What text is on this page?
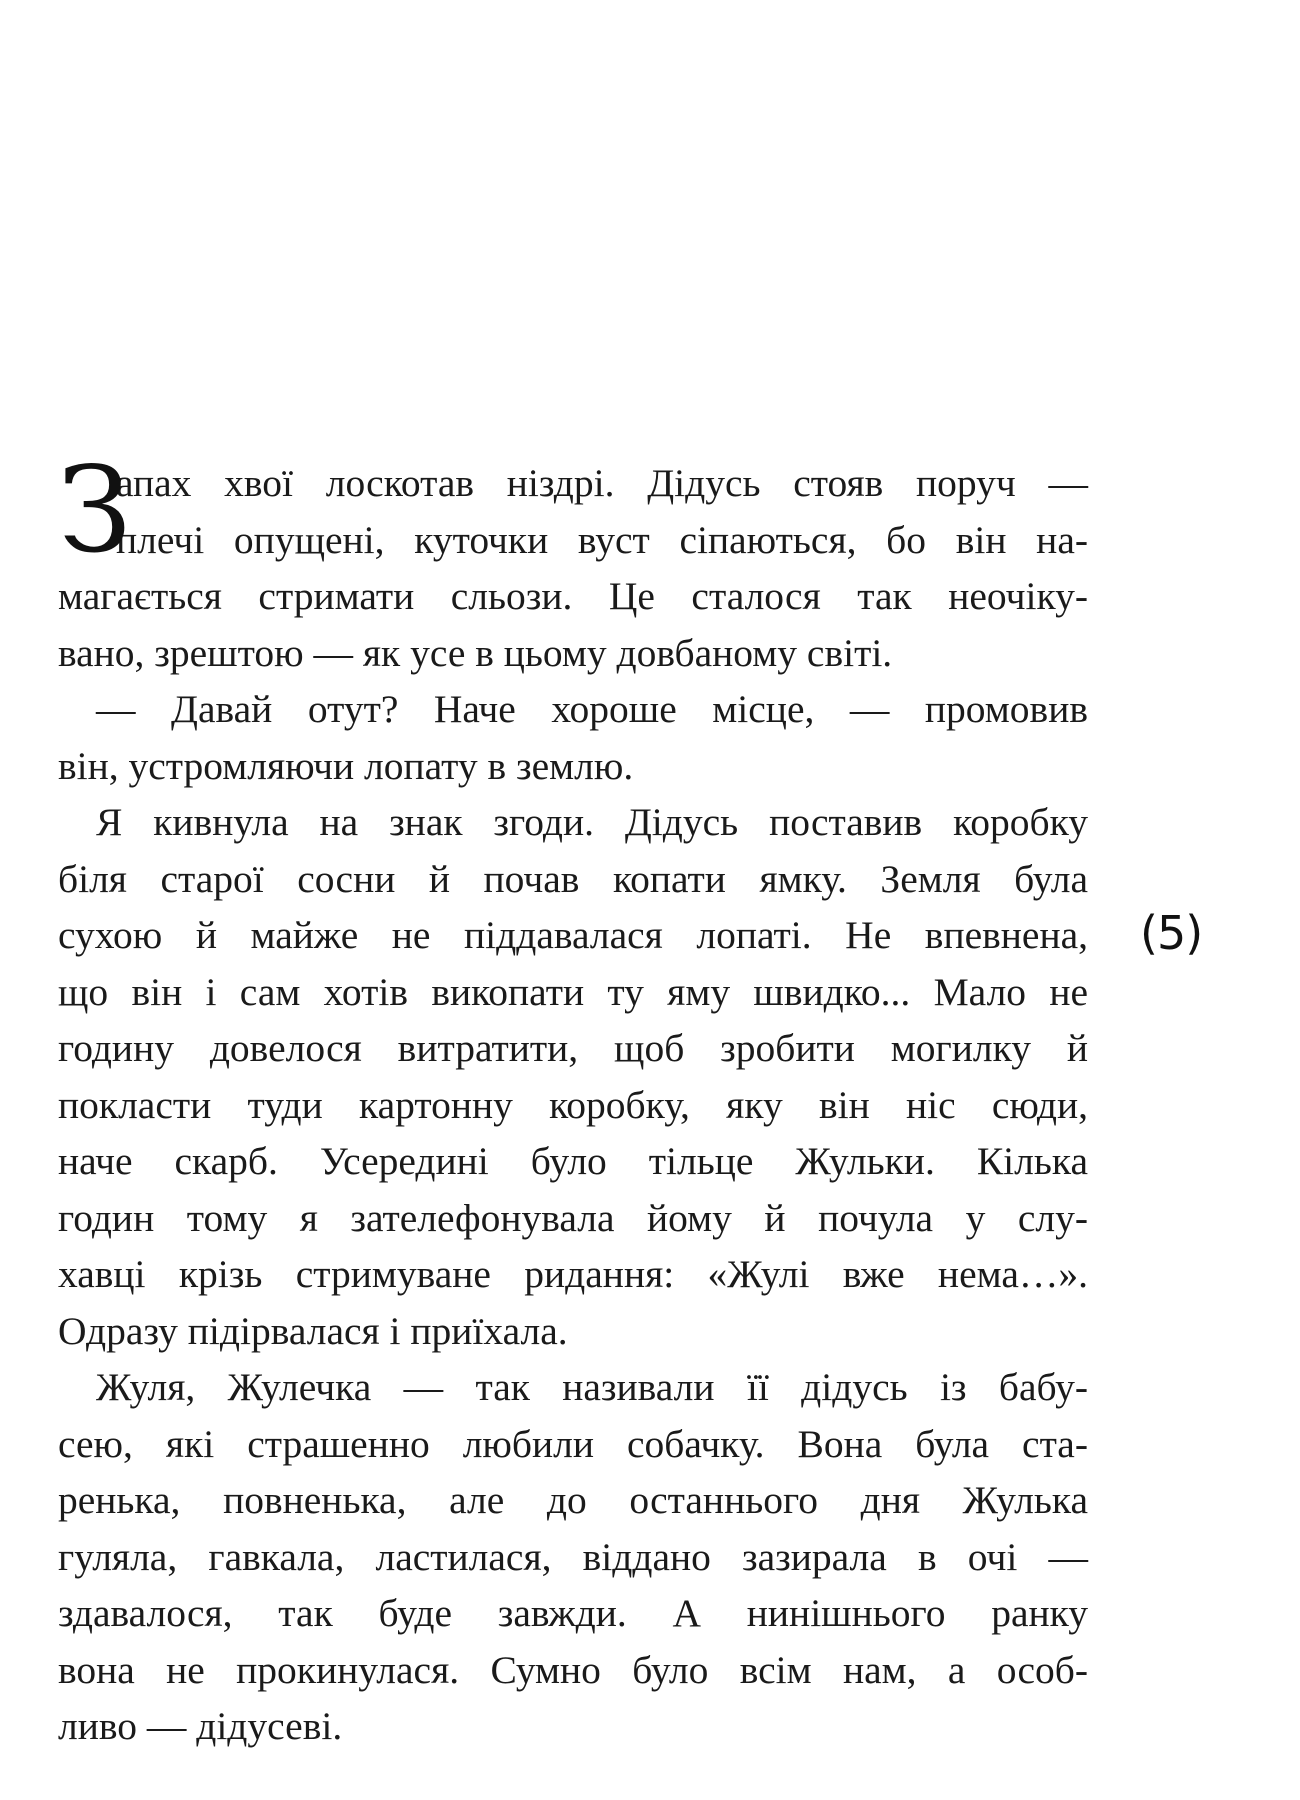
З
апах хвої лоскотав ніздрі. Дідусь стояв поруч —
плечі опущені, куточки вуст сіпаються, бо він на-
магається стримати сльози. Це сталося так неочіку-
вано, зрештою — як усе в цьому довбаному світі.
— Давай отут? Наче хороше місце, — промовив
він, устромляючи лопату в землю.
Я кивнула на знак згоди. Дідусь поставив коробку
біля старої сосни й почав копати ямку. Земля була
сухою й майже не піддавалася лопаті. Не впевнена,
що він і сам хотів викопати ту яму швидко... Мало не
годину довелося витратити, щоб зробити могилку й
покласти туди картонну коробку, яку він ніс сюди,
наче скарб. Усередині було тільце Жульки. Кілька
годин тому я зателефонувала йому й почула у слу-
хавці крізь стримуване ридання: «Жулі вже нема…».
Одразу підірвалася і приїхала.
Жуля, Жулечка — так називали її дідусь із бабу-
сею, які страшенно любили собачку. Вона була ста-
ренька, повненька, але до останнього дня Жулька
гуляла, гавкала, ластилася, віддано зазирала в очі —
здавалося, так буде завжди. А нинішнього ранку
вона не прокинулася. Сумно було всім нам, а особ-
ливо — дідусеві.
(5)
